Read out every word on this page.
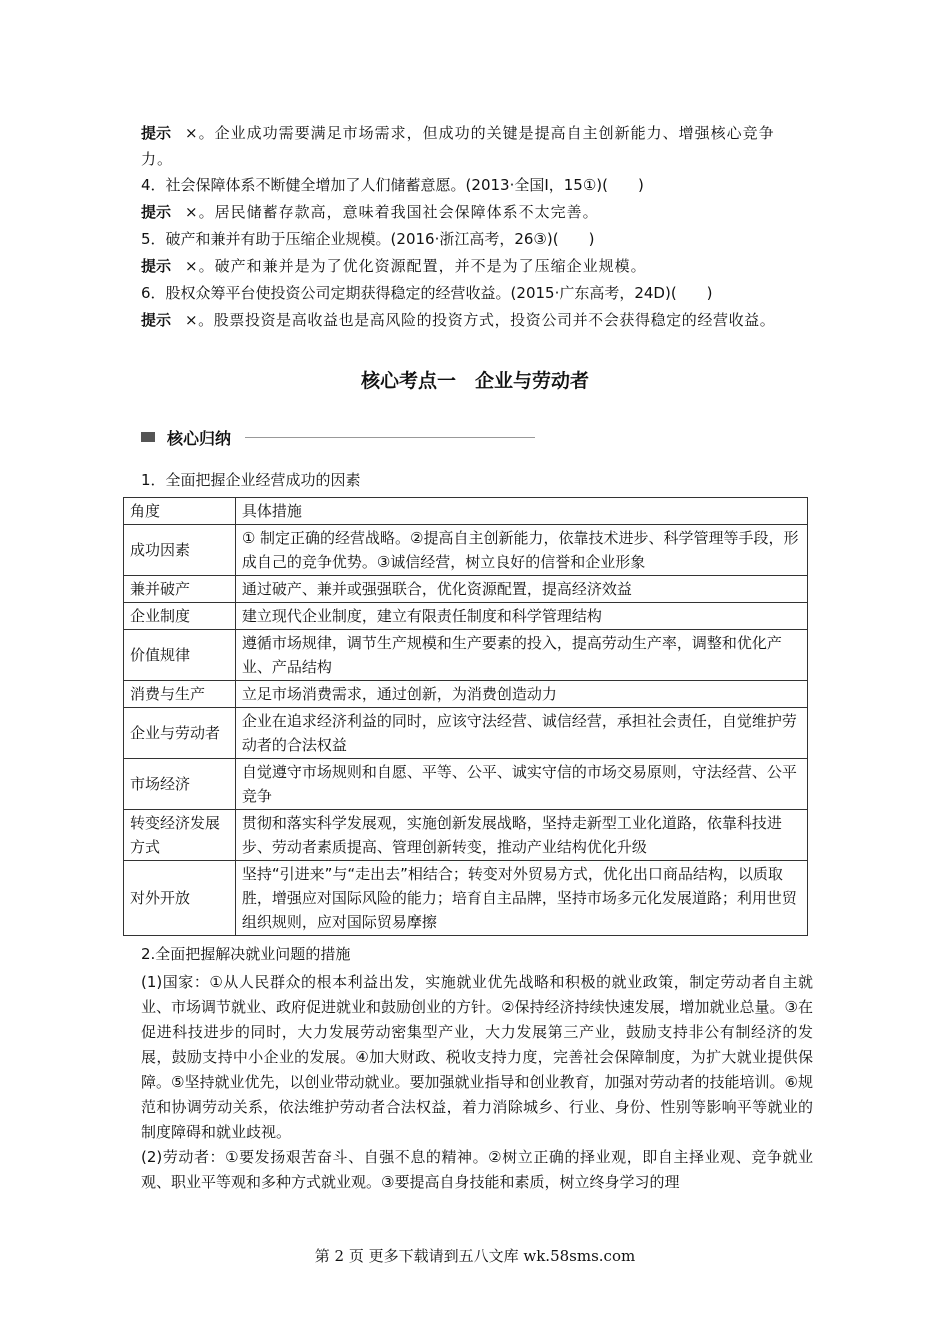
提示 ×。企业成功需要满足市场需求，但成功的关键是提高自主创新能力、增强核心竞争
力。
4．社会保障体系不断健全增加了人们储蓄意愿。(2013·全国Ⅰ，15①)(　　)
提示 ×。居民储蓄存款高，意味着我国社会保障体系不太完善。
5．破产和兼并有助于压缩企业规模。(2016·浙江高考，26③)(　　)
提示 ×。破产和兼并是为了优化资源配置，并不是为了压缩企业规模。
6．股权众筹平台使投资公司定期获得稳定的经营收益。(2015·广东高考，24D)(　　)
提示 ×。股票投资是高收益也是高风险的投资方式，投资公司并不会获得稳定的经营收益。
核心考点一　企业与劳动者
核心归纳
1．全面把握企业经营成功的因素
角度	具体措施
成功因素	① 制定正确的经营战略。②提高自主创新能力，依靠技术进步、科学管理等手段，形成自己的竞争优势。③诚信经营，树立良好的信誉和企业形象
兼并破产	通过破产、兼并或强强联合，优化资源配置，提高经济效益
企业制度	建立现代企业制度，建立有限责任制度和科学管理结构
价值规律	遵循市场规律，调节生产规模和生产要素的投入，提高劳动生产率，调整和优化产业、产品结构
消费与生产	立足市场消费需求，通过创新，为消费创造动力
企业与劳动者	企业在追求经济利益的同时，应该守法经营、诚信经营，承担社会责任，自觉维护劳动者的合法权益
市场经济	自觉遵守市场规则和自愿、平等、公平、诚实守信的市场交易原则，守法经营、公平竞争
转变经济发展方式	贯彻和落实科学发展观，实施创新发展战略，坚持走新型工业化道路，依靠科技进步、劳动者素质提高、管理创新转变，推动产业结构优化升级
对外开放	坚持“引进来”与“走出去”相结合；转变对外贸易方式，优化出口商品结构，以质取胜，增强应对国际风险的能力；培育自主品牌，坚持市场多元化发展道路；利用世贸组织规则，应对国际贸易摩擦
2.全面把握解决就业问题的措施
(1)国家：①从人民群众的根本利益出发，实施就业优先战略和积极的就业政策，制定劳动者自主就业、市场调节就业、政府促进就业和鼓励创业的方针。②保持经济持续快速发展，增加就业总量。③在促进科技进步的同时，大力发展劳动密集型产业，大力发展第三产业，鼓励支持非公有制经济的发展，鼓励支持中小企业的发展。④加大财政、税收支持力度，完善社会保障制度，为扩大就业提供保障。⑤坚持就业优先，以创业带动就业。要加强就业指导和创业教育，加强对劳动者的技能培训。⑥规范和协调劳动关系，依法维护劳动者合法权益，着力消除城乡、行业、身份、性别等影响平等就业的制度障碍和就业歧视。
(2)劳动者：①要发扬艰苦奋斗、自强不息的精神。②树立正确的择业观，即自主择业观、竞争就业观、职业平等观和多种方式就业观。③要提高自身技能和素质，树立终身学习的理
第 2 页 更多下载请到五八文库 wk.58sms.com
